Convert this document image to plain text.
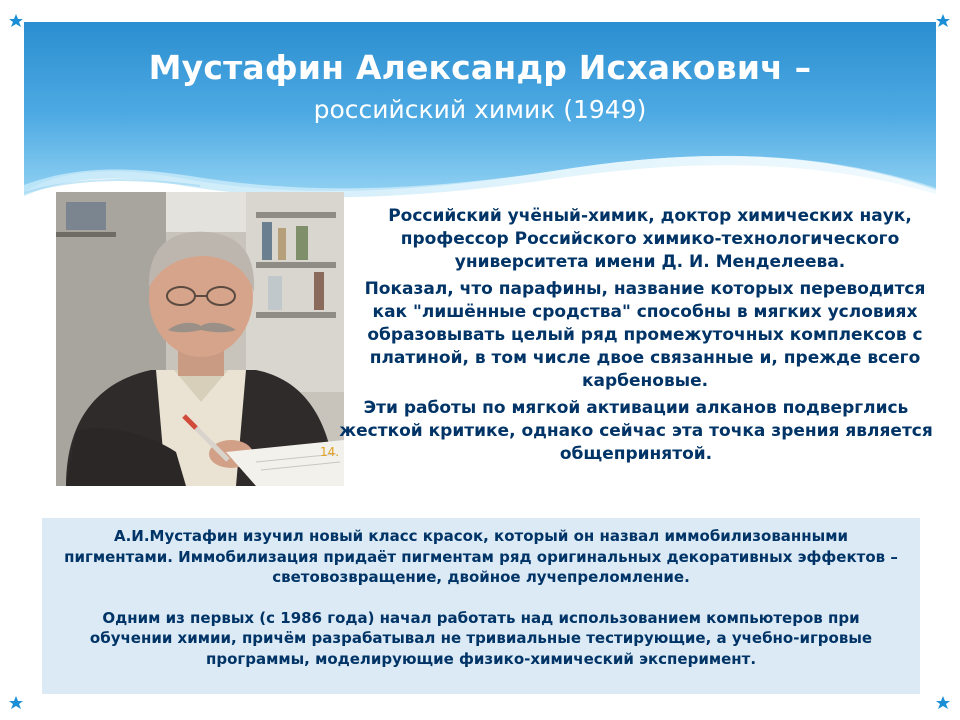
Мустафин Александр Исхакович –
российский химик (1949)
14.

Российский учёный-химик, доктор химических наук, профессор Российского химико-технологического университета имени Д. И. Менделеева.

Показал, что парафины, название которых переводится как "лишённые сродства" способны в мягких условиях образовывать целый ряд промежуточных комплексов с платиной, в том числе двое связанные и, прежде всего карбеновые.

Эти работы по мягкой активации алканов подверглись жесткой критике, однако сейчас эта точка зрения является общепринятой.

А.И.Мустафин изучил новый класс красок, который он назвал иммобилизованными пигментами. Иммобилизация придаёт пигментам ряд оригинальных декоративных эффектов – световозвращение, двойное лучепреломление.

Одним из первых (с 1986 года) начал работать над использованием компьютеров при обучении химии, причём разрабатывал не тривиальные тестирующие, а учебно-игровые программы, моделирующие физико-химический эксперимент.
